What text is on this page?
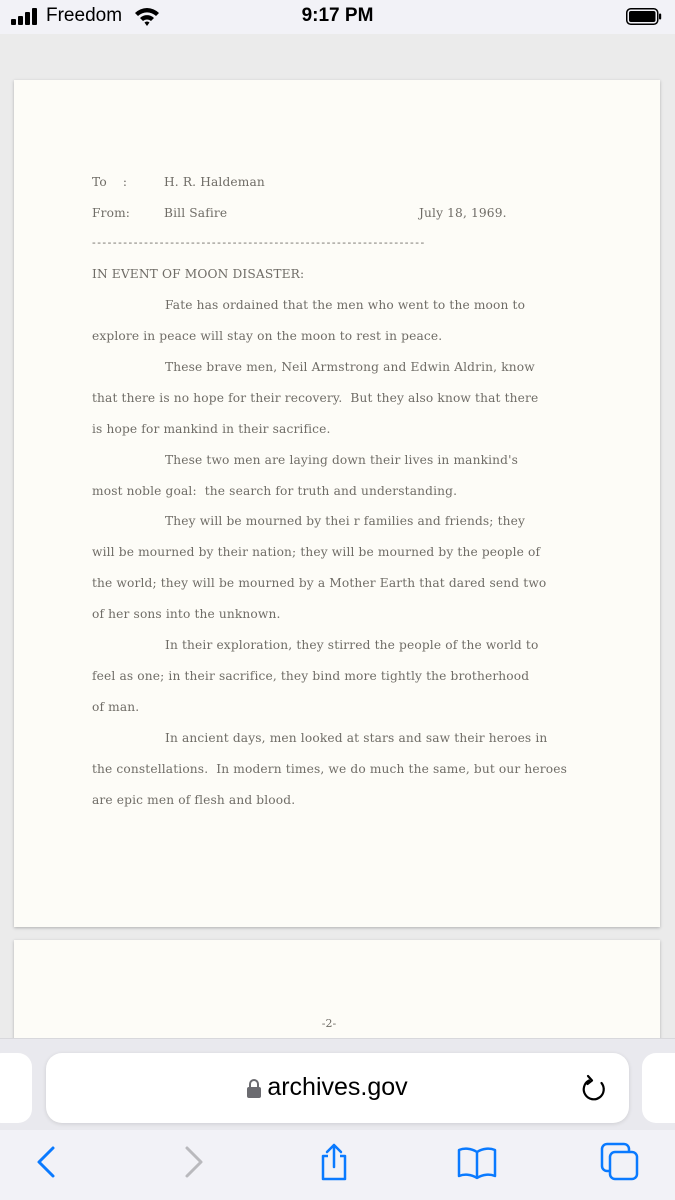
Freedom	9:17 PM
To    :	H. R. Haldeman
From:	Bill Safire	July 18, 1969.
- - - - - - - - - - - - - - - - - - - - - - - - - - - - - - - - - - - - - - - - - - - - - - - - - - - - - - - - - - - - - - - -
IN EVENT OF MOON DISASTER:
Fate has ordained that the men who went to the moon to
explore in peace will stay on the moon to rest in peace.
These brave men, Neil Armstrong and Edwin Aldrin, know
that there is no hope for their recovery.  But they also know that there
is hope for mankind in their sacrifice.
These two men are laying down their lives in mankind's
most noble goal:  the search for truth and understanding.
They will be mourned by thei r families and friends; they
will be mourned by their nation; they will be mourned by the people of
the world; they will be mourned by a Mother Earth that dared send two
of her sons into the unknown.
In their exploration, they stirred the people of the world to
feel as one; in their sacrifice, they bind more tightly the brotherhood
of man.
In ancient days, men looked at stars and saw their heroes in
the constellations.  In modern times, we do much the same, but our heroes
are epic men of flesh and blood.
-2-
archives.gov
